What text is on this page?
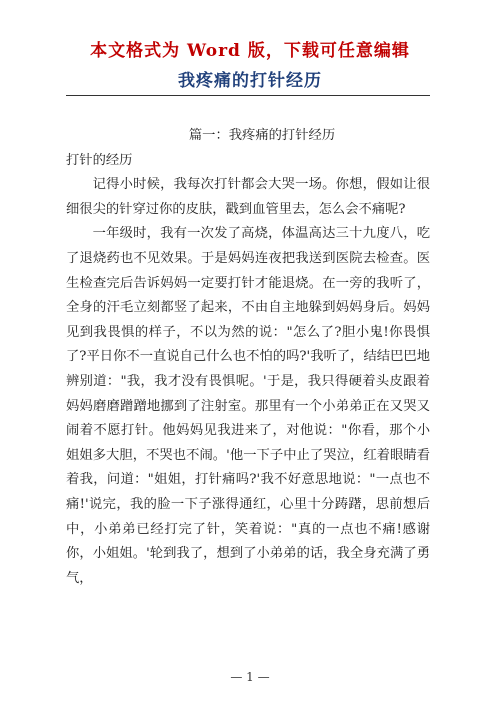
本文格式为 Word 版，下载可任意编辑
我疼痛的打针经历

篇一：我疼痛的打针经历

打针的经历

记得小时候，我每次打针都会大哭一场。你想，假如让很细很尖的针穿过你的皮肤，戳到血管里去，怎么会不痛呢?

一年级时，我有一次发了高烧，体温高达三十九度八，吃了退烧药也不见效果。于是妈妈连夜把我送到医院去检查。医生检查完后告诉妈妈一定要打针才能退烧。在一旁的我听了，全身的汗毛立刻都竖了起来，不由自主地躲到妈妈身后。妈妈见到我畏惧的样子，不以为然的说："怎么了?胆小鬼!你畏惧了?平日你不一直说自己什么也不怕的吗?'我听了，结结巴巴地辨别道："我，我才没有畏惧呢。'于是，我只得硬着头皮跟着妈妈磨磨蹭蹭地挪到了注射室。那里有一个小弟弟正在又哭又闹着不愿打针。他妈妈见我进来了，对他说："你看，那个小姐姐多大胆，不哭也不闹。'他一下子中止了哭泣，红着眼睛看着我，问道："姐姐，打针痛吗?'我不好意思地说："一点也不痛!'说完，我的脸一下子涨得通红，心里十分踌躇，思前想后中，小弟弟已经打完了针，笑着说："真的一点也不痛!感谢你，小姐姐。'轮到我了，想到了小弟弟的话，我全身充满了勇气，

— 1 —
